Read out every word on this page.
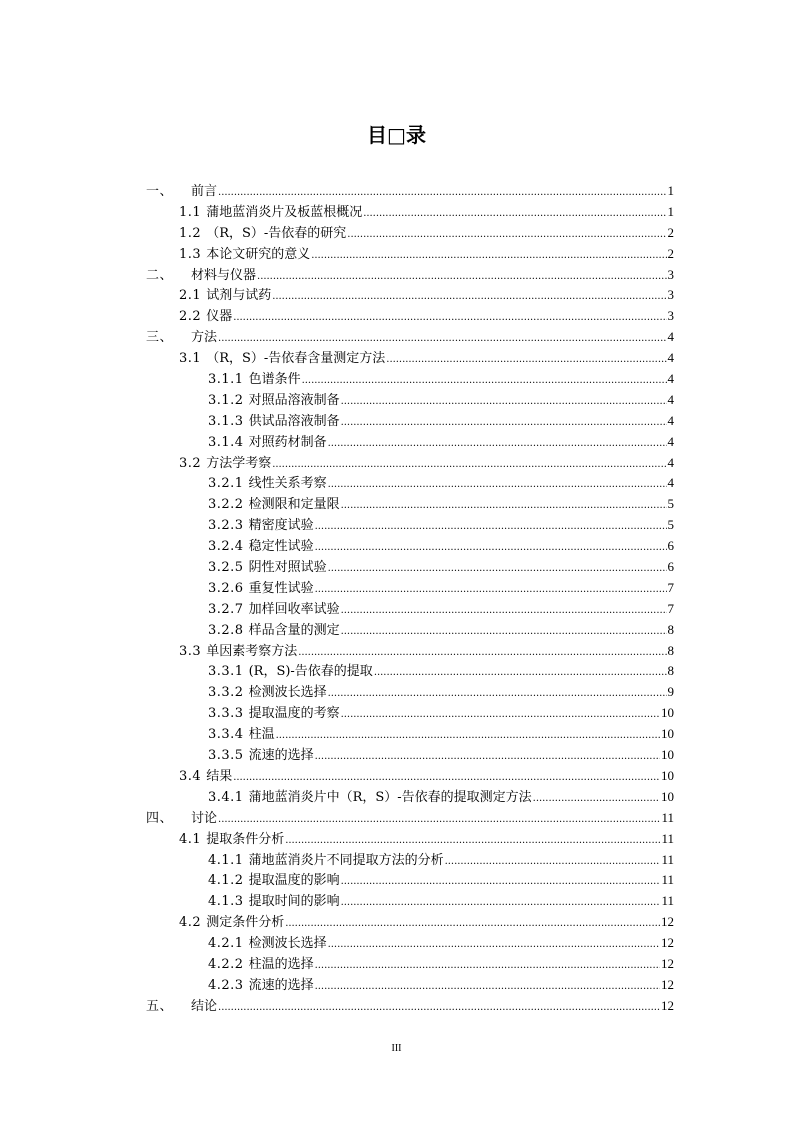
目□录
一、 前言 . . .	1
1.1 蒲地蓝消炎片及板蓝根概况 . . .	1
1.2 （R，S）-告依春的研究 . . .	2
1.3 本论文研究的意义 . . .	2
二、 材料与仪器 . . .	3
2.1 试剂与试药 . . .	3
2.2 仪器 . . .	3
三、 方法 . . .	4
3.1 （R，S）-告依春含量测定方法 . . .	4
3.1.1 色谱条件 . . .	4
3.1.2 对照品溶液制备 . . .	4
3.1.3 供试品溶液制备 . . .	4
3.1.4 对照药材制备 . . .	4
3.2 方法学考察 . . .	4
3.2.1 线性关系考察 . . .	4
3.2.2 检测限和定量限 . . .	5
3.2.3 精密度试验 . . .	5
3.2.4 稳定性试验 . . .	6
3.2.5 阴性对照试验 . . .	6
3.2.6 重复性试验 . . .	7
3.2.7 加样回收率试验 . . .	7
3.2.8 样品含量的测定 . . .	8
3.3 单因素考察方法 . . .	8
3.3.1 (R，S)-告依春的提取 . . .	8
3.3.2 检测波长选择 . . .	9
3.3.3 提取温度的考察 . . .	10
3.3.4 柱温 . . .	10
3.3.5 流速的选择 . . .	10
3.4 结果 . . .	10
3.4.1 蒲地蓝消炎片中（R，S）-告依春的提取测定方法 . . .	10
四、 讨论 . . .	11
4.1 提取条件分析 . . .	11
4.1.1 蒲地蓝消炎片不同提取方法的分析 . . .	11
4.1.2 提取温度的影响 . . .	11
4.1.3 提取时间的影响 . . .	11
4.2 测定条件分析 . . .	12
4.2.1 检测波长选择 . . .	12
4.2.2 柱温的选择 . . .	12
4.2.3 流速的选择 . . .	12
五、 结论 . . .	12
III
